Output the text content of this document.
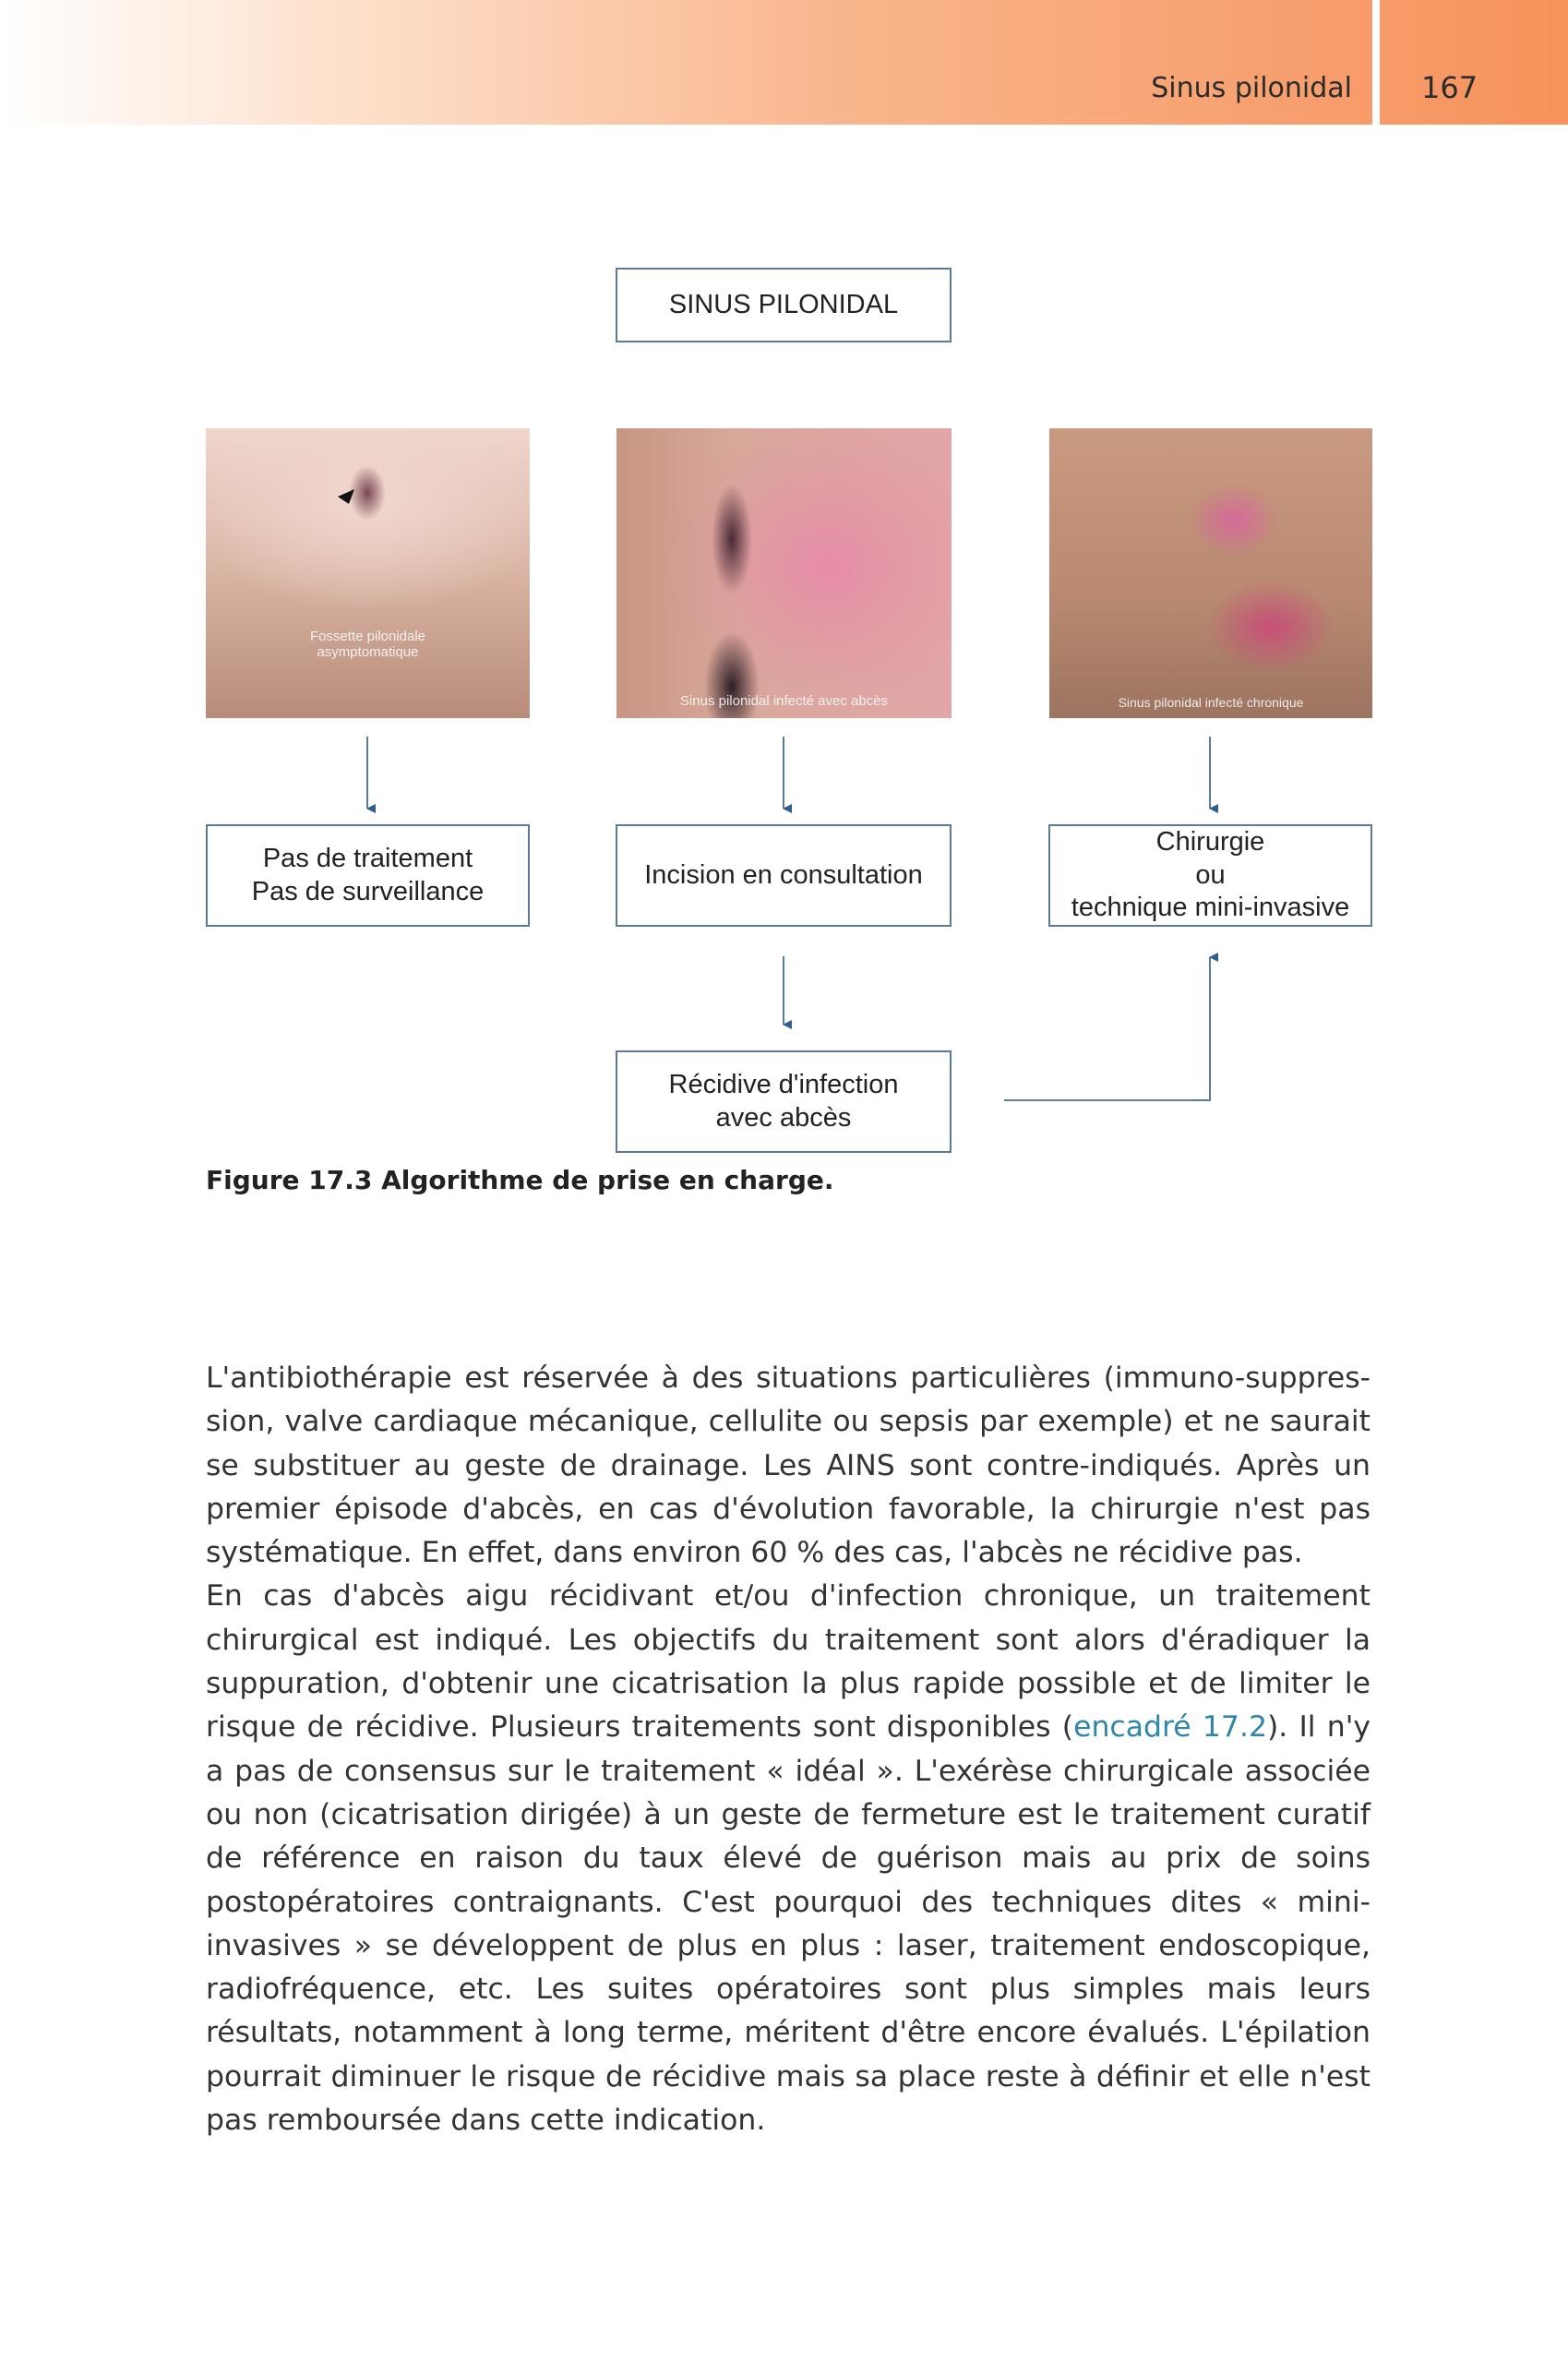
Sinus pilonidal 167
SINUS PILONIDAL
Fossette pilonidale
asymptomatique
Sinus pilonidal infecté avec abcès	Sinus pilonidal infecté chronique
Pas de traitement
Pas de surveillance
Incision en consultation
Chirurgie
ou
technique mini-invasive
Récidive d'infection
avec abcès
Figure 17.3 Algorithme de prise en charge.

L'antibiothérapie est réservée à des situations particulières (immuno-suppression, valve cardiaque mécanique, cellulite ou sepsis par exemple) et ne saurait se substituer au geste de drainage. Les AINS sont contre-indiqués. Après un premier épisode d'abcès, en cas d'évolution favorable, la chirurgie n'est pas systématique. En effet, dans environ 60 % des cas, l'abcès ne récidive pas.

En cas d'abcès aigu récidivant et/ou d'infection chronique, un traitement chirurgical est indiqué. Les objectifs du traitement sont alors d'éradiquer la suppuration, d'obtenir une cicatrisation la plus rapide possible et de limiter le risque de récidive. Plusieurs traitements sont disponibles (encadré 17.2). Il n'y a pas de consensus sur le traitement « idéal ». L'exérèse chirurgicale associée ou non (cicatrisation dirigée) à un geste de fermeture est le traitement curatif de référence en raison du taux élevé de guérison mais au prix de soins postopératoires contraignants. C'est pourquoi des techniques dites « mini-invasives » se développent de plus en plus : laser, traitement endoscopique, radiofréquence, etc. Les suites opératoires sont plus simples mais leurs résultats, notamment à long terme, méritent d'être encore évalués. L'épilation pourrait diminuer le risque de récidive mais sa place reste à définir et elle n'est pas remboursée dans cette indication.
